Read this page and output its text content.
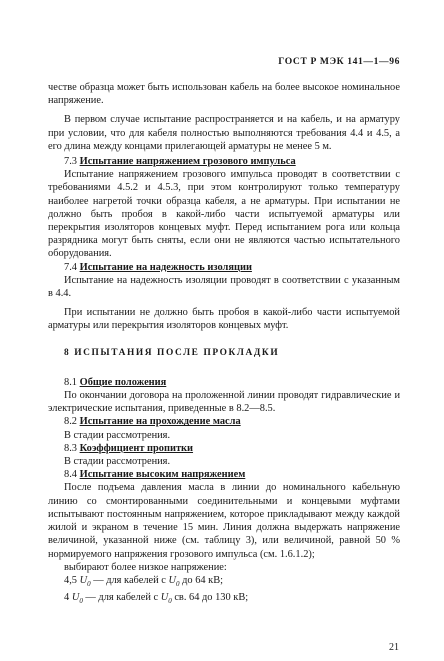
ГОСТ Р МЭК 141—1—96

честве образца может быть использован кабель на более высокое номинальное напряжение.

В первом случае испытание распространяется и на кабель, и на арматуру при условии, что для кабеля полностью выполняются требования 4.4 и 4.5, а его длина между концами прилегающей арматуры не менее 5 м.

7.3 Испытание напряжением грозового импульса

Испытание напряжением грозового импульса проводят в соответствии с требованиями 4.5.2 и 4.5.3, при этом контролируют только температуру наиболее нагретой точки образца кабеля, а не арматуры. При испытании не должно быть пробоя в какой-либо части испытуемой арматуры или перекрытия изоляторов концевых муфт. Перед испытанием рога или кольца разрядника могут быть сняты, если они не являются частью испытательного оборудования.

7.4 Испытание на надежность изоляции

Испытание на надежность изоляции проводят в соответствии с указанным в 4.4.

При испытании не должно быть пробоя в какой-либо части испытуемой арматуры или перекрытия изоляторов концевых муфт.

8 ИСПЫТАНИЯ ПОСЛЕ ПРОКЛАДКИ

8.1 Общие положения

По окончании договора на проложенной линии проводят гидравлические и электрические испытания, приведенные в 8.2—8.5.

8.2 Испытание на прохождение масла

В стадии рассмотрения.

8.3 Коэффициент пропитки

В стадии рассмотрения.

8.4 Испытание высоким напряжением

После подъема давления масла в линии до номинального кабельную линию со смонтированными соединительными и концевыми муфтами испытывают постоянным напряжением, которое прикладывают между каждой жилой и экраном в течение 15 мин. Линия должна выдержать напряжение величиной, указанной ниже (см. таблицу 3), или величиной, равной 50 % нормируемого напряжения грозового импульса (см. 1.6.1.2);

выбирают более низкое напряжение:

4,5 $U_0$ — для кабелей с $U_0$ до 64 кВ;

4 $U_0$ — для кабелей с $U_0$ св. 64 до 130 кВ;

21
